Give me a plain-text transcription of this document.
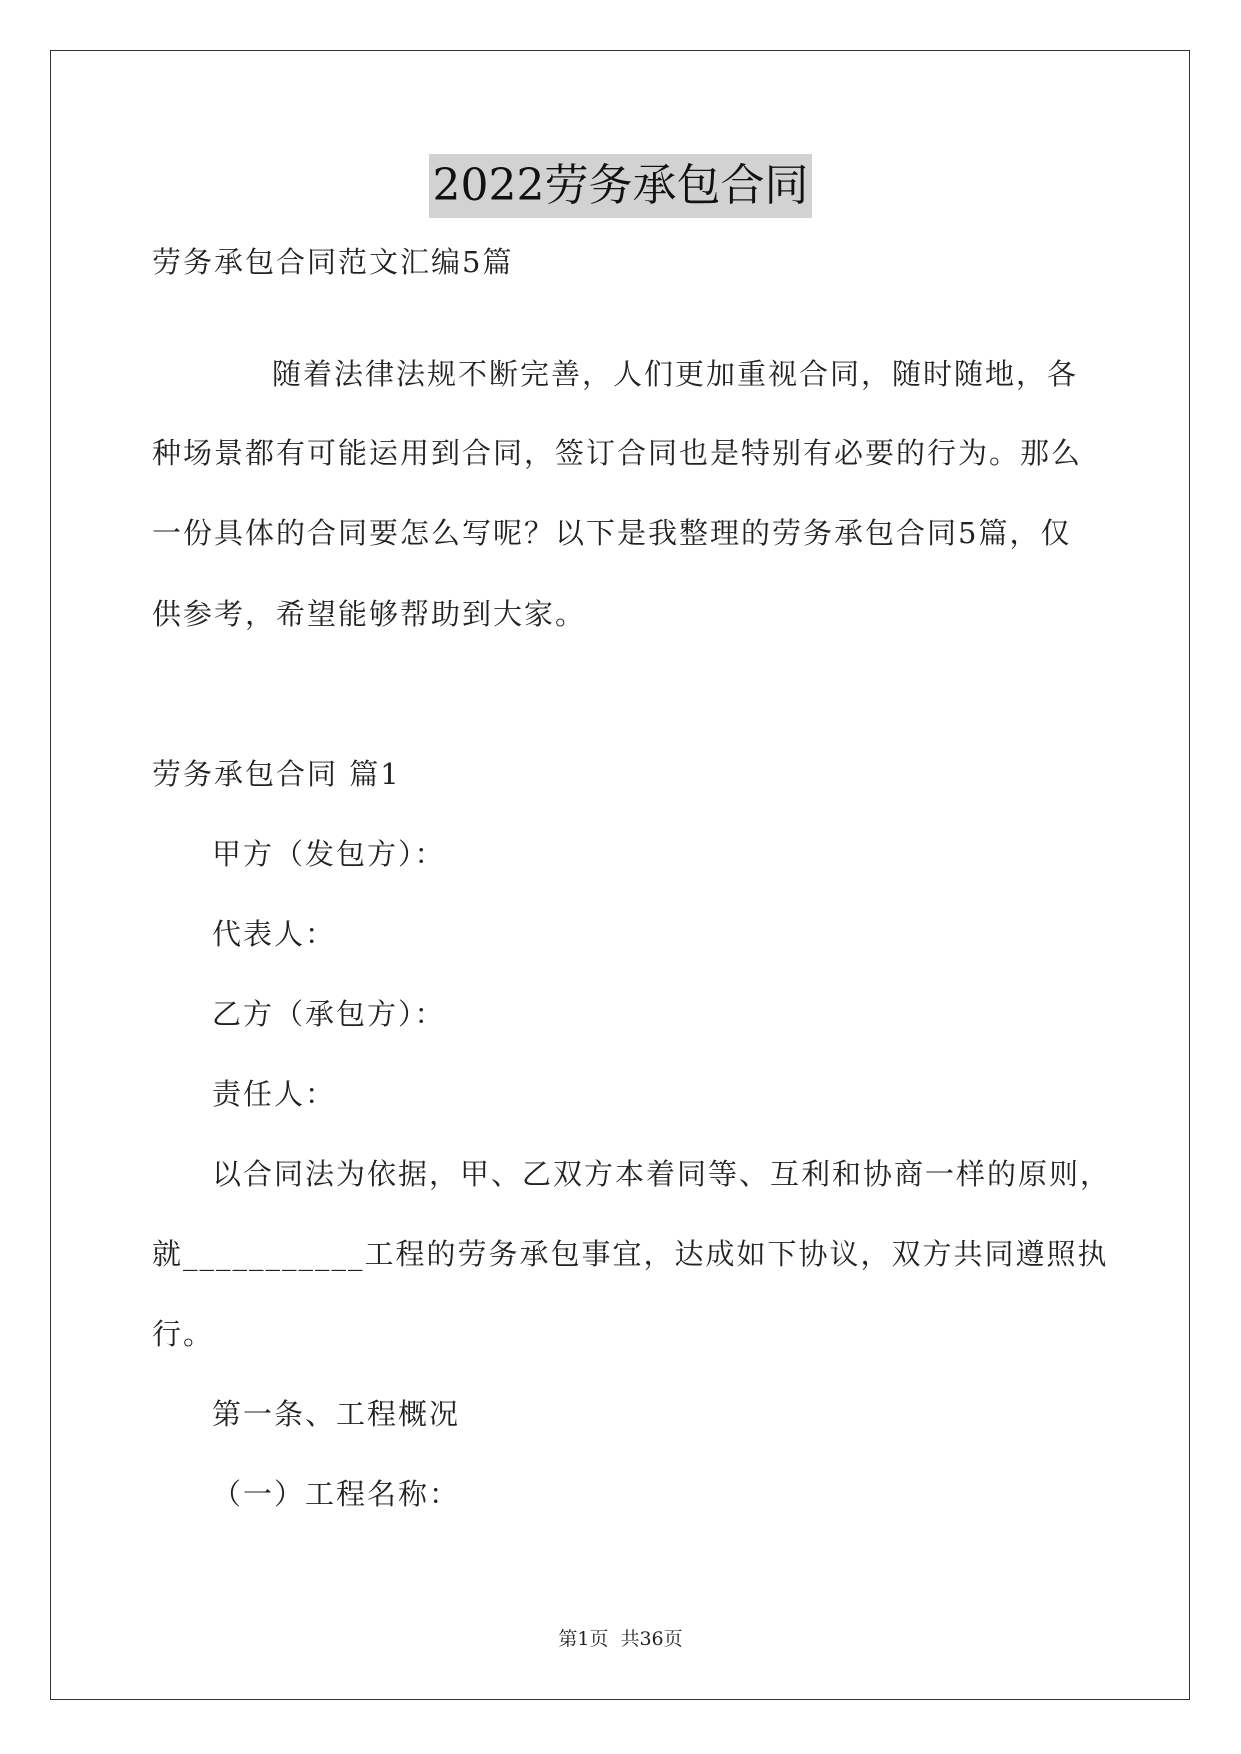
2022劳务承包合同
劳务承包合同范文汇编5篇
随着法律法规不断完善，人们更加重视合同，随时随地，各
种场景都有可能运用到合同，签订合同也是特别有必要的行为。那么
一份具体的合同要怎么写呢？以下是我整理的劳务承包合同5篇，仅
供参考，希望能够帮助到大家。
劳务承包合同 篇1
甲方（发包方）：
代表人：
乙方（承包方）：
责任人：
以合同法为依据，甲、乙双方本着同等、互利和协商一样的原则，
就___________工程的劳务承包事宜，达成如下协议，双方共同遵照执
行。
第一条、工程概况
（一）工程名称：
第1页 共36页
